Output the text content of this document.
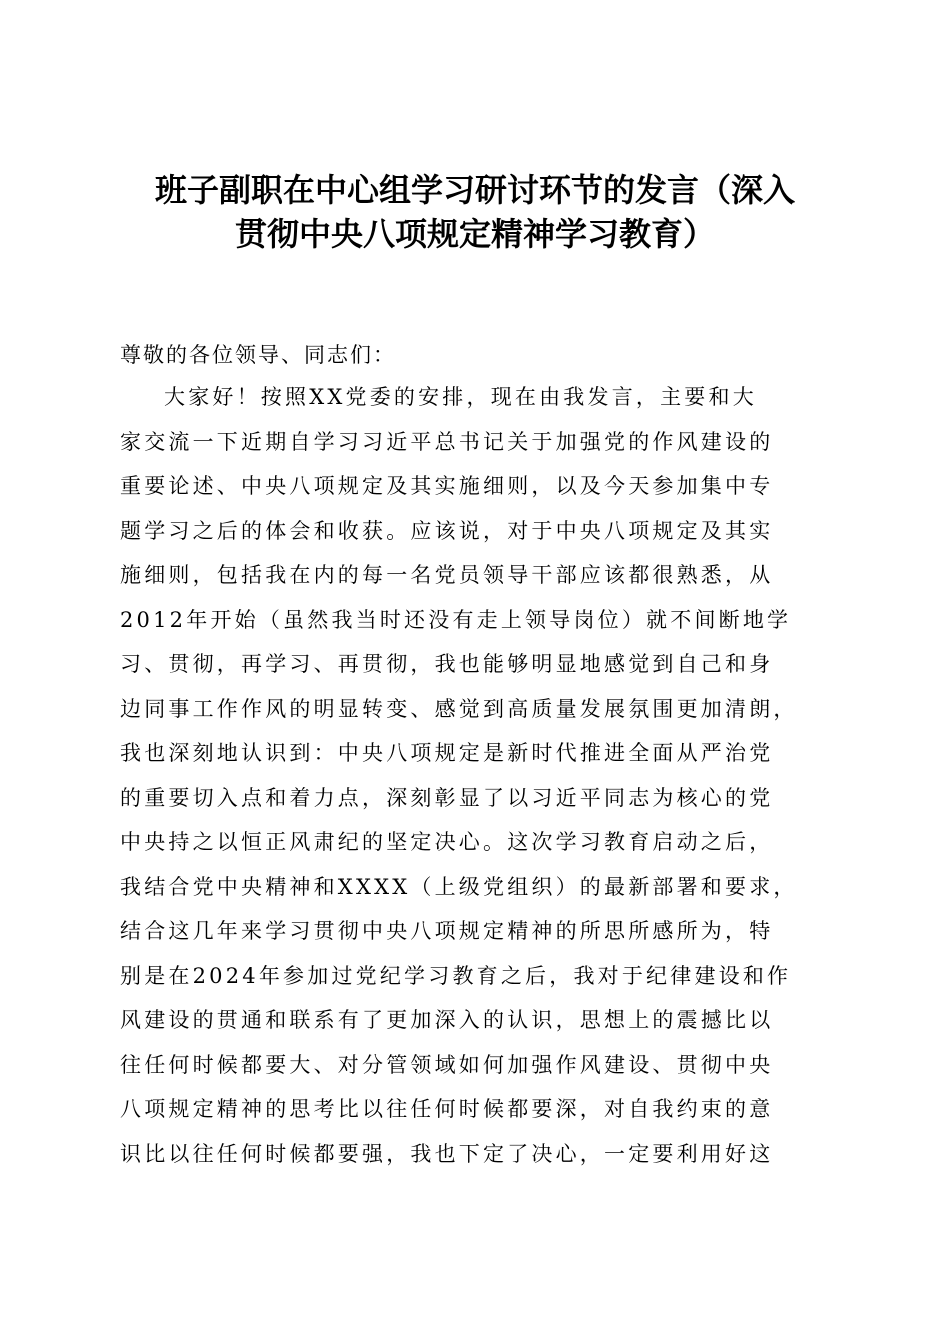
班子副职在中心组学习研讨环节的发言（深入
贯彻中央八项规定精神学习教育）

尊敬的各位领导、同志们：

大家好！按照XX党委的安排，现在由我发言，主要和大
家交流一下近期自学习习近平总书记关于加强党的作风建设的
重要论述、中央八项规定及其实施细则，以及今天参加集中专
题学习之后的体会和收获。应该说，对于中央八项规定及其实
施细则，包括我在内的每一名党员领导干部应该都很熟悉，从
2012年开始（虽然我当时还没有走上领导岗位）就不间断地学
习、贯彻，再学习、再贯彻，我也能够明显地感觉到自己和身
边同事工作作风的明显转变、感觉到高质量发展氛围更加清朗，
我也深刻地认识到：中央八项规定是新时代推进全面从严治党
的重要切入点和着力点，深刻彰显了以习近平同志为核心的党
中央持之以恒正风肃纪的坚定决心。这次学习教育启动之后，
我结合党中央精神和XXXX（上级党组织）的最新部署和要求，
结合这几年来学习贯彻中央八项规定精神的所思所感所为，特
别是在2024年参加过党纪学习教育之后，我对于纪律建设和作
风建设的贯通和联系有了更加深入的认识，思想上的震撼比以
往任何时候都要大、对分管领域如何加强作风建设、贯彻中央
八项规定精神的思考比以往任何时候都要深，对自我约束的意
识比以往任何时候都要强，我也下定了决心，一定要利用好这
